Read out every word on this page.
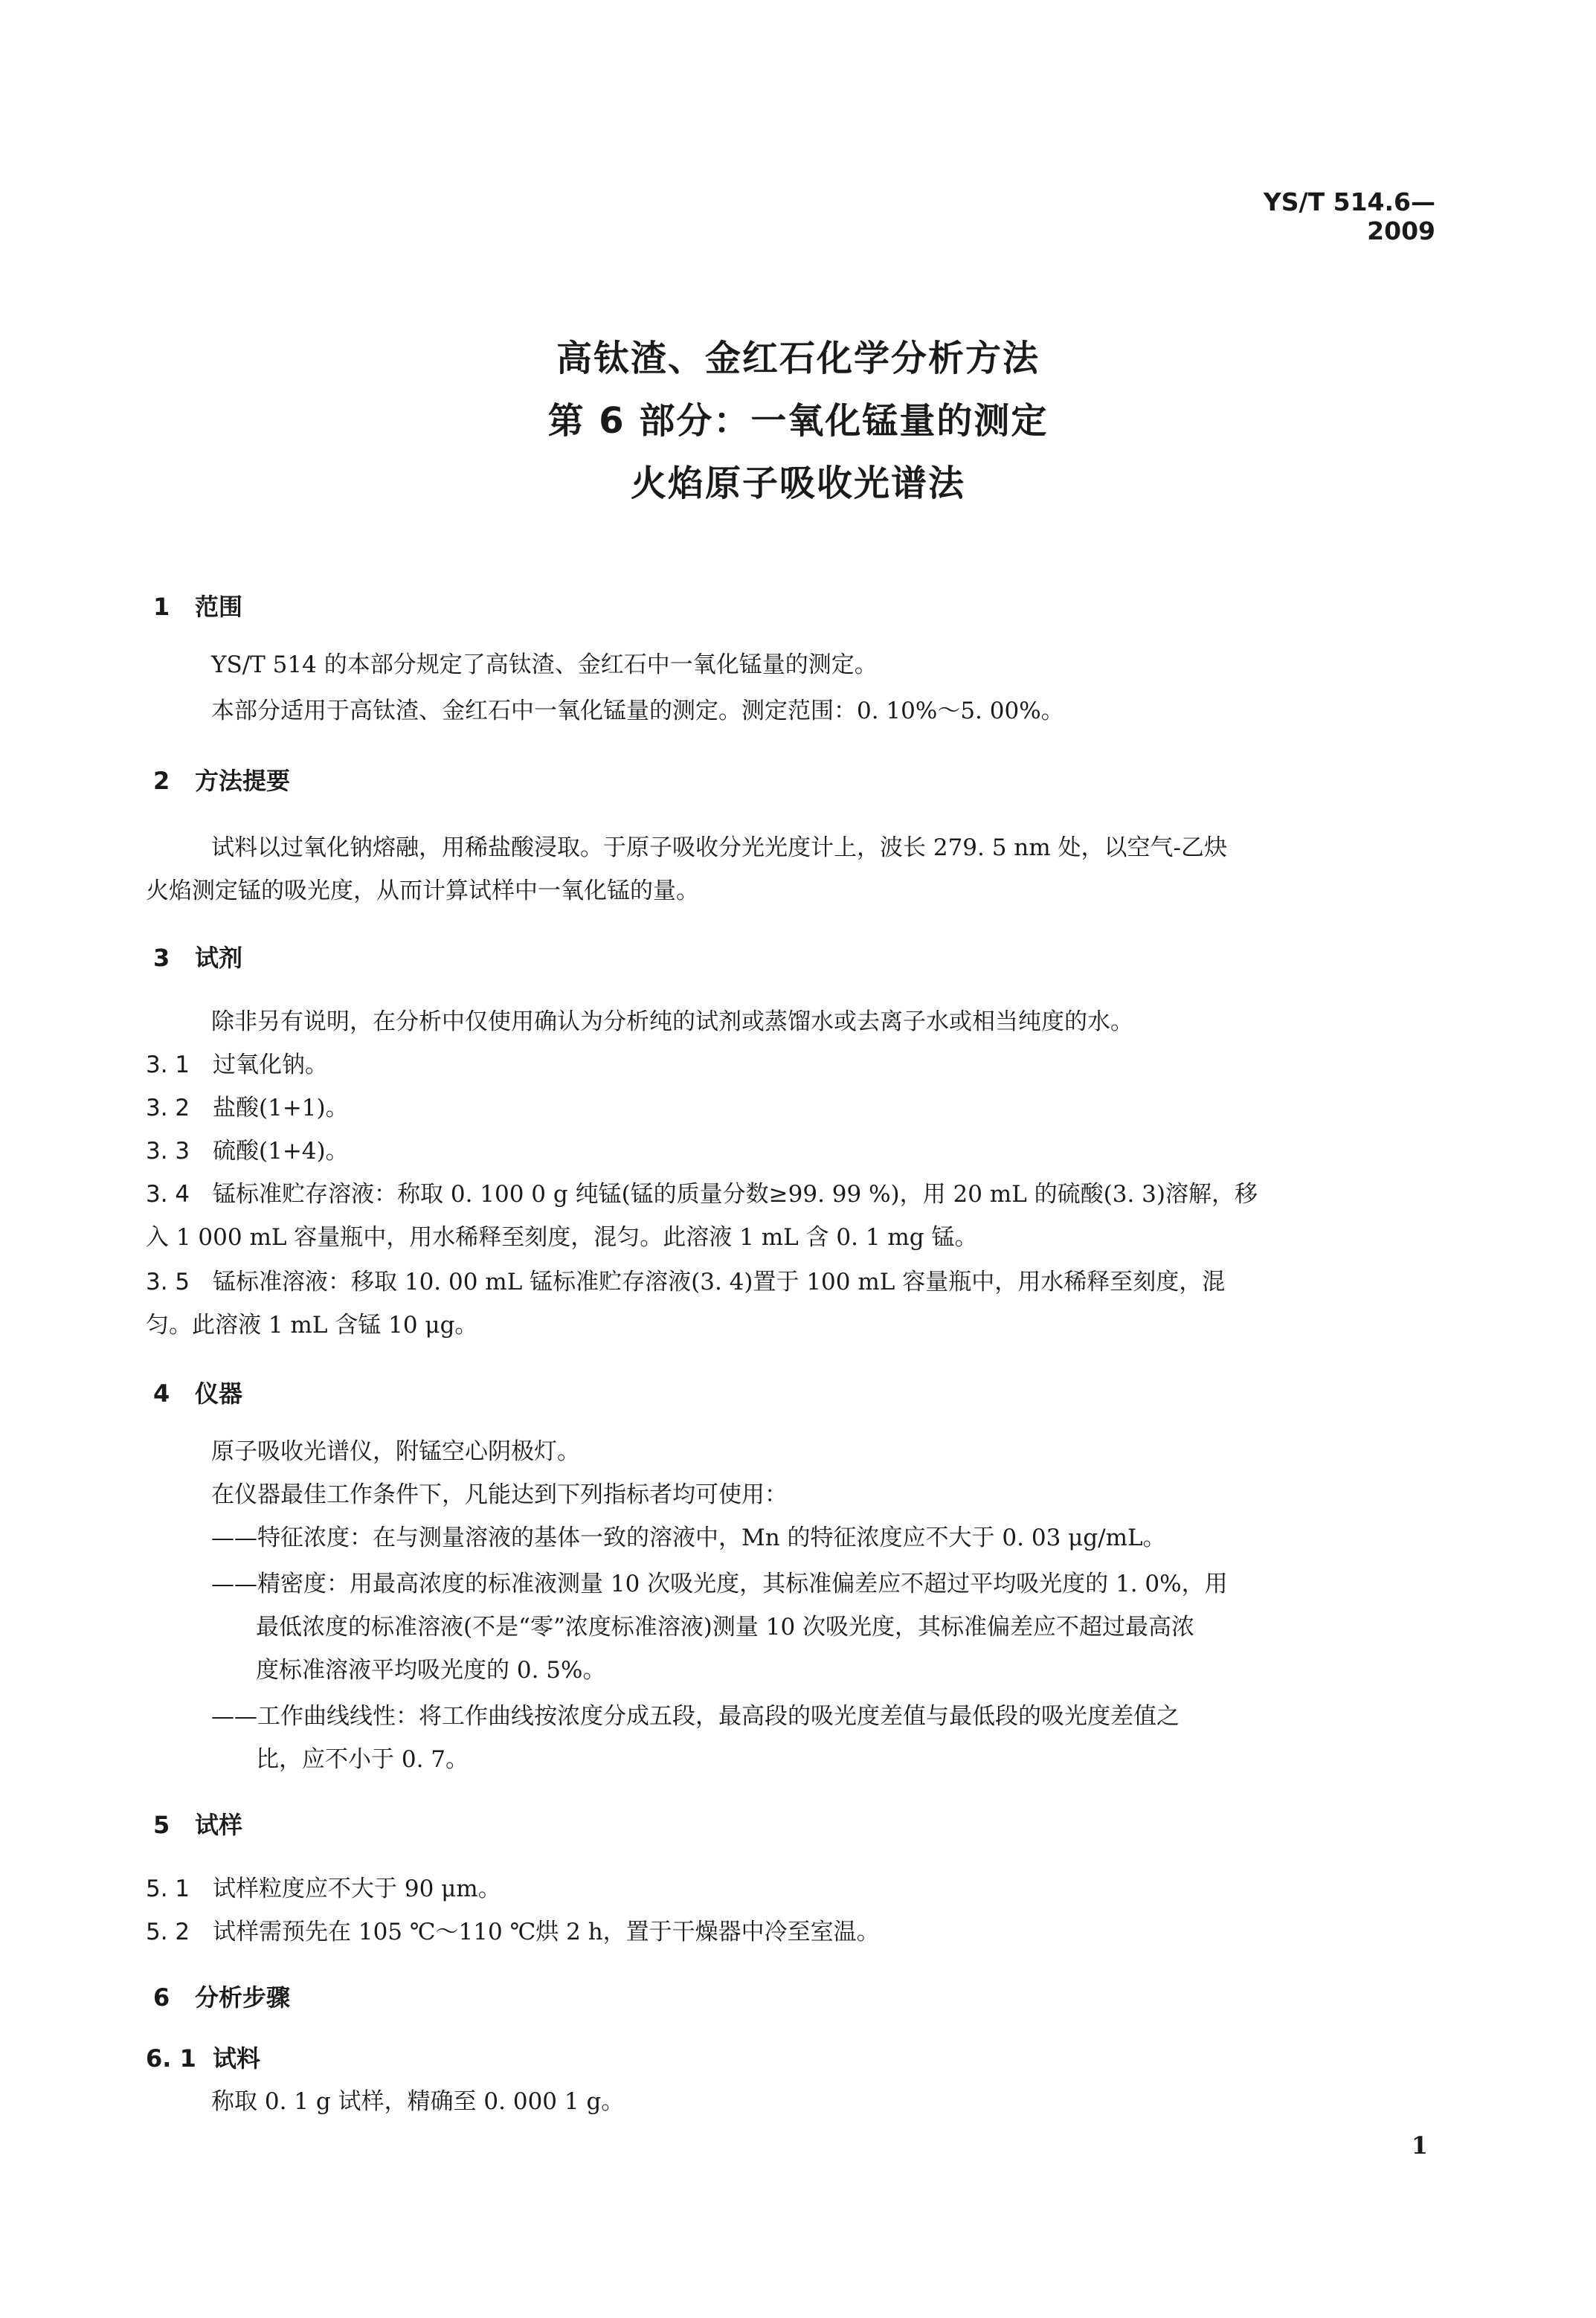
YS/T 514.6—2009
高钛渣、金红石化学分析方法
第 6 部分：一氧化锰量的测定
火焰原子吸收光谱法
1 范围
YS/T 514 的本部分规定了高钛渣、金红石中一氧化锰量的测定。
本部分适用于高钛渣、金红石中一氧化锰量的测定。测定范围：0. 10%～5. 00%。
2 方法提要
试料以过氧化钠熔融，用稀盐酸浸取。于原子吸收分光光度计上，波长 279. 5 nm 处，以空气-乙炔
火焰测定锰的吸光度，从而计算试样中一氧化锰的量。
3 试剂
除非另有说明，在分析中仅使用确认为分析纯的试剂或蒸馏水或去离子水或相当纯度的水。
3. 1 过氧化钠。
3. 2 盐酸(1+1)。
3. 3 硫酸(1+4)。
3. 4 锰标准贮存溶液：称取 0. 100 0 g 纯锰(锰的质量分数≥99. 99 %)，用 20 mL 的硫酸(3. 3)溶解，移
入 1 000 mL 容量瓶中，用水稀释至刻度，混匀。此溶液 1 mL 含 0. 1 mg 锰。
3. 5 锰标准溶液：移取 10. 00 mL 锰标准贮存溶液(3. 4)置于 100 mL 容量瓶中，用水稀释至刻度，混
匀。此溶液 1 mL 含锰 10 μg。
4 仪器
原子吸收光谱仪，附锰空心阴极灯。
在仪器最佳工作条件下，凡能达到下列指标者均可使用：
——特征浓度：在与测量溶液的基体一致的溶液中，Mn 的特征浓度应不大于 0. 03 μg/mL。
——精密度：用最高浓度的标准液测量 10 次吸光度，其标准偏差应不超过平均吸光度的 1. 0%，用
最低浓度的标准溶液(不是“零”浓度标准溶液)测量 10 次吸光度，其标准偏差应不超过最高浓
度标准溶液平均吸光度的 0. 5%。
——工作曲线线性：将工作曲线按浓度分成五段，最高段的吸光度差值与最低段的吸光度差值之
比，应不小于 0. 7。
5 试样
5. 1 试样粒度应不大于 90 μm。
5. 2 试样需预先在 105 ℃～110 ℃烘 2 h，置于干燥器中冷至室温。
6 分析步骤
6. 1 试料
称取 0. 1 g 试样，精确至 0. 000 1 g。
1
